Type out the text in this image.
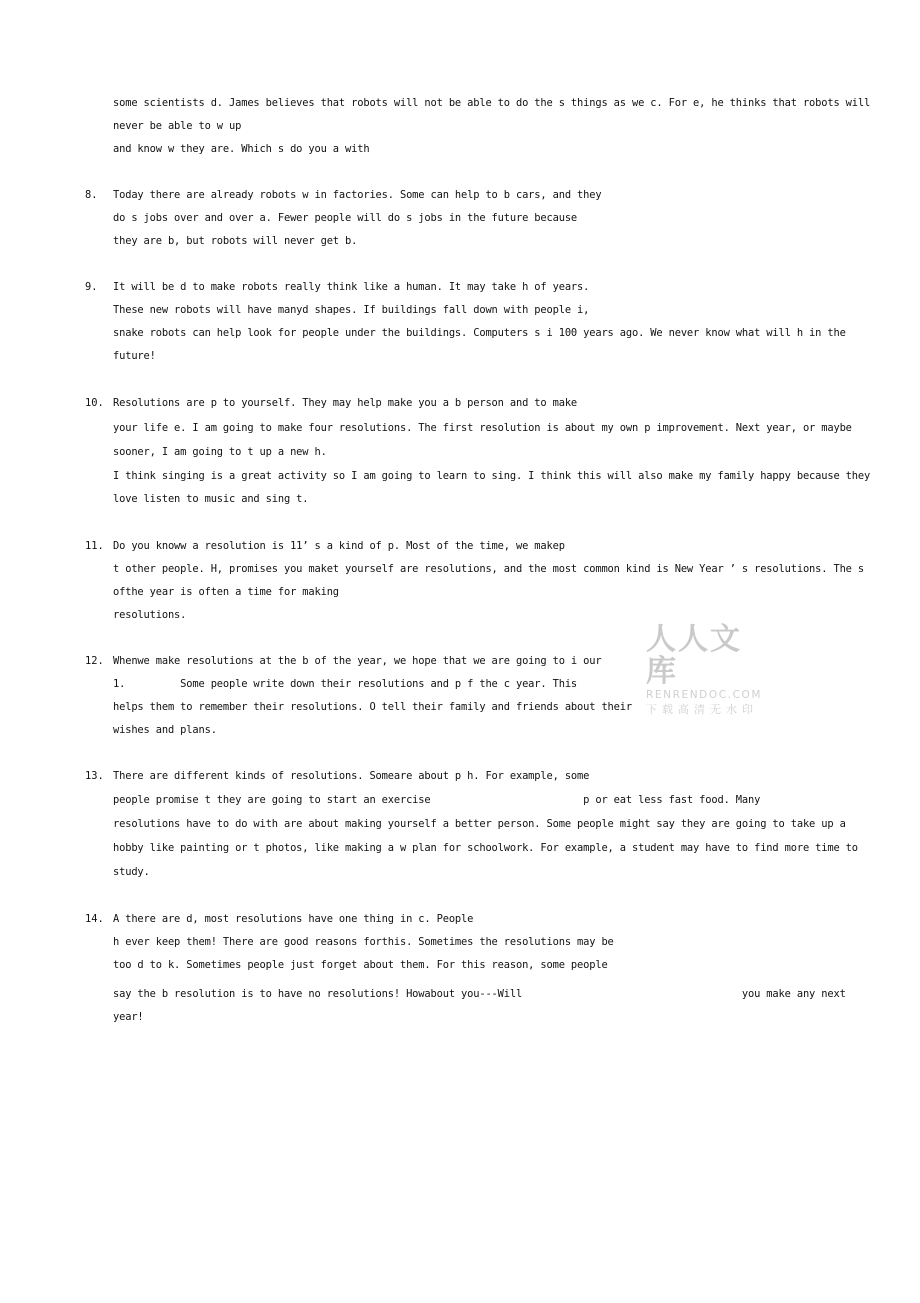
some scientists d. James believes that robots will not be able to do the s things as we c. For e, he thinks that robots will
never be able to w up
and know w they are. Which s do you a with
8. Today there are already robots w in factories. Some can help to b cars, and they
do s jobs over and over a. Fewer people will do s jobs in the future because
they are b, but robots will never get b.
9. It will be d to make robots really think like a human. It may take h of years.
These new robots will have manyd shapes. If buildings fall down with people i,
snake robots can help look for people under the buildings. Computers s i 100 years ago. We never know what will h in the
future!
10. Resolutions are p to yourself. They may help make you a b person and to make
your life e. I am going to make four resolutions. The first resolution is about my own p improvement. Next year, or maybe
sooner, I am going to t up a new h.
I think singing is a great activity so I am going to learn to sing. I think this will also make my family happy because they
love listen to music and sing t.
11. Do you knoww a resolution is 11’ s a kind of p. Most of the time, we makep
t other people. H, promises you maket yourself are resolutions, and the most common kind is New Year ’ s resolutions. The s
ofthe year is often a time for making
resolutions.
12. Whenwe make resolutions at the b of the year, we hope that we are going to i our
1.         Some people write down their resolutions and p f the c year. This
helps them to remember their resolutions. O tell their family and friends about their
wishes and plans.
13. There are different kinds of resolutions. Someare about p h. For example, some
people promise t they are going to start an exercise                         p or eat less fast food. Many
resolutions have to do with are about making yourself a better person. Some people might say they are going to take up a
hobby like painting or t photos, like making a w plan for schoolwork. For example, a student may have to find more time to
study.
14. A there are d, most resolutions have one thing in c. People
h ever keep them! There are good reasons forthis. Sometimes the resolutions may be
too d to k. Sometimes people just forget about them. For this reason, some people
say the b resolution is to have no resolutions! Howabout you---Will                                    you make any next
year!
人人文库
RENRENDOC.COM
下载高清无水印
